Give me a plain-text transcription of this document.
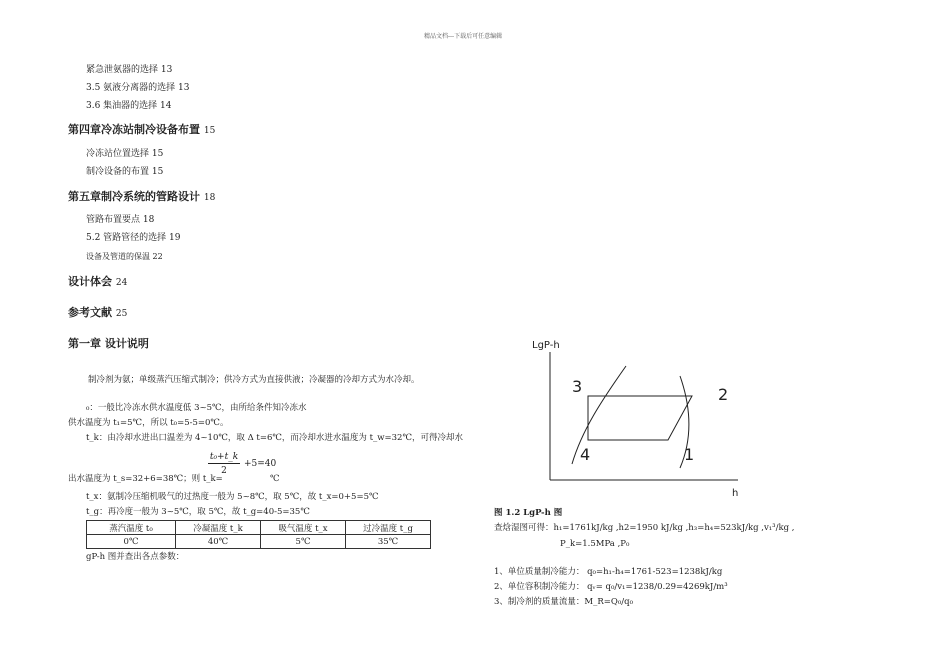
精品文档---下载后可任意编辑
紧急泄氨器的选择 13
3.5 氨液分离器的选择 13
3.6 集油器的选择 14
第四章冷冻站制冷设备布置 15
冷冻站位置选择 15
制冷设备的布置 15
第五章制冷系统的管路设计 18
管路布置要点 18
5.2 管路管径的选择 19
设备及管道的保温 22
设计体会 24
参考文献 25
第一章 设计说明
制冷剂为氨；单级蒸汽压缩式制冷；供冷方式为直接供液；冷凝器的冷却方式为水冷却。
₀：一般比冷冻水供水温度低 3~5℃，由所给条件知冷冻水
供水温度为 t₁=5℃，所以 t₀=5-5=0℃。
t_k：由冷却水进出口温差为 4~10℃，取 Δ t=6℃，而冷却水进水温度为 t_w=32℃，可得冷却水
t₀+t_k
2
+5=40
出水温度为 t_s=32+6=38℃；则 t_k=	℃
t_x：氨制冷压缩机吸气的过热度一般为 5~8℃，取 5℃，故 t_x=0+5=5℃
t_g：再冷度一般为 3~5℃，取 5℃，故 t_g=40-5=35℃
蒸汽温度 t₀	冷凝温度 t_k	吸气温度 t_x	过冷温度 t_g
0℃	40℃	5℃	35℃
gP-h 图并查出各点参数：
LgP-h
h
3	2
4	1
图 1.2 LgP-h 图
查焓湿图可得：h₁=1761kJ/kg ,h2=1950 kJ/kg ,h₃=h₄=523kJ/kg ,v₁³/kg ,
P_k=1.5MPa ,P₀
1、单位质量制冷能力： q₀=h₁-h₄=1761-523=1238kJ/kg
2、单位容积制冷能力： qᵥ= q₀/v₁=1238/0.29=4269kJ/m³
3、制冷剂的质量流量：M_R=Q₀/q₀
